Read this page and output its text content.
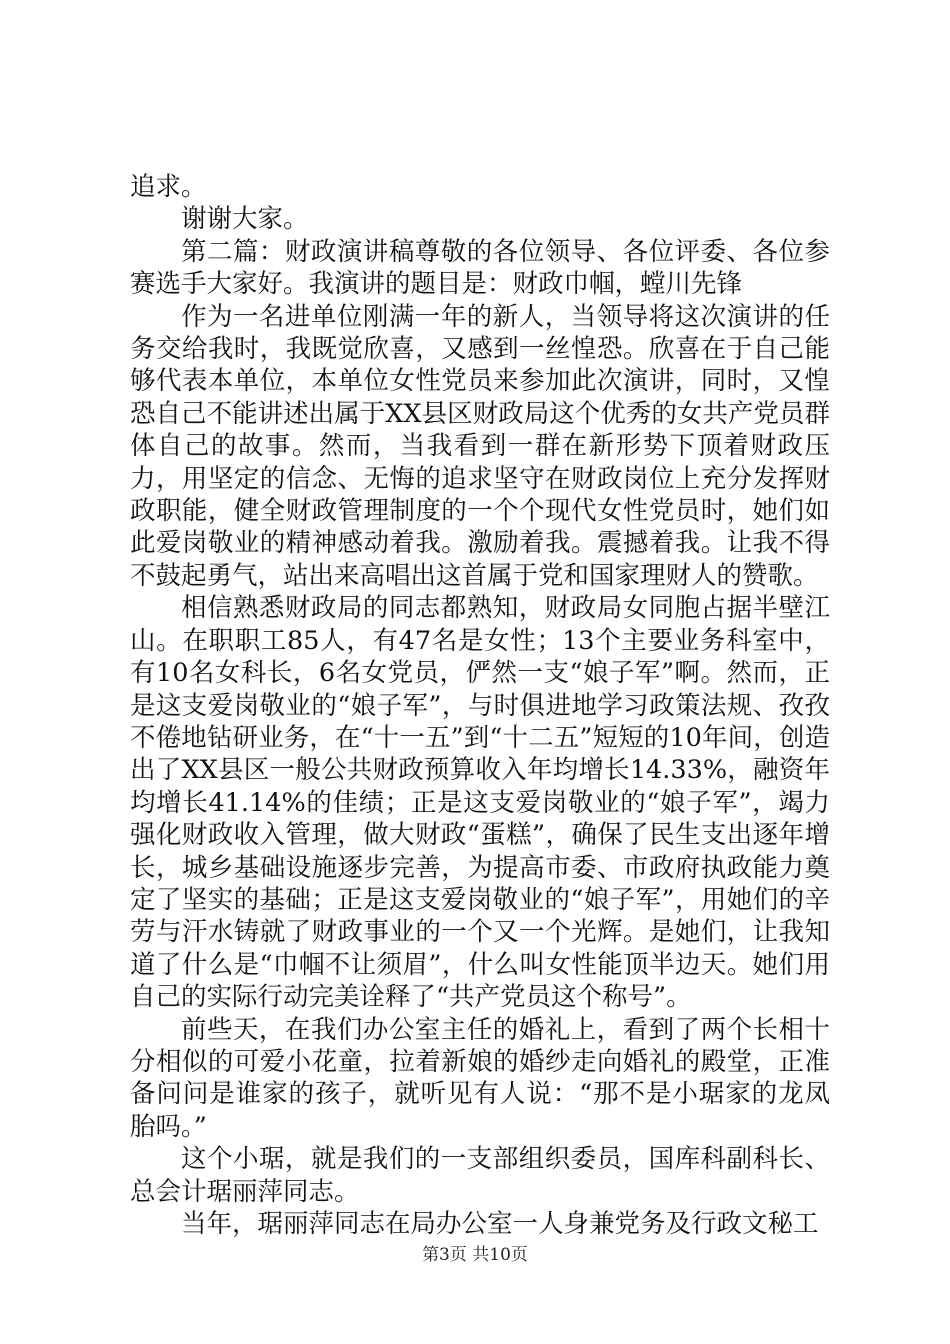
追求。

谢谢大家。

第二篇：财政演讲稿尊敬的各位领导、各位评委、各位参赛选手大家好。我演讲的题目是：财政巾帼，螳川先锋

作为一名进单位刚满一年的新人，当领导将这次演讲的任务交给我时，我既觉欣喜，又感到一丝惶恐。欣喜在于自己能够代表本单位，本单位女性党员来参加此次演讲，同时，又惶恐自己不能讲述出属于XX县区财政局这个优秀的女共产党员群体自己的故事。然而，当我看到一群在新形势下顶着财政压力，用坚定的信念、无悔的追求坚守在财政岗位上充分发挥财政职能，健全财政管理制度的一个个现代女性党员时，她们如此爱岗敬业的精神感动着我。激励着我。震撼着我。让我不得不鼓起勇气，站出来高唱出这首属于党和国家理财人的赞歌。

相信熟悉财政局的同志都熟知，财政局女同胞占据半壁江山。在职职工85人，有47名是女性；13个主要业务科室中，有10名女科长，6名女党员，俨然一支“娘子军”啊。然而，正是这支爱岗敬业的“娘子军”，与时俱进地学习政策法规、孜孜不倦地钻研业务，在“十一五”到“十二五”短短的10年间，创造出了XX县区一般公共财政预算收入年均增长14.33%，融资年均增长41.14%的佳绩；正是这支爱岗敬业的“娘子军”，竭力强化财政收入管理，做大财政“蛋糕”，确保了民生支出逐年增长，城乡基础设施逐步完善，为提高市委、市政府执政能力奠定了坚实的基础；正是这支爱岗敬业的“娘子军”，用她们的辛劳与汗水铸就了财政事业的一个又一个光辉。是她们，让我知道了什么是“巾帼不让须眉”，什么叫女性能顶半边天。她们用自己的实际行动完美诠释了“共产党员这个称号”。

前些天，在我们办公室主任的婚礼上，看到了两个长相十分相似的可爱小花童，拉着新娘的婚纱走向婚礼的殿堂，正准备问问是谁家的孩子，就听见有人说：“那不是小琚家的龙凤胎吗。”

这个小琚，就是我们的一支部组织委员，国库科副科长、总会计琚丽萍同志。

当年，琚丽萍同志在局办公室一人身兼党务及行政文秘工

第3页 共10页
